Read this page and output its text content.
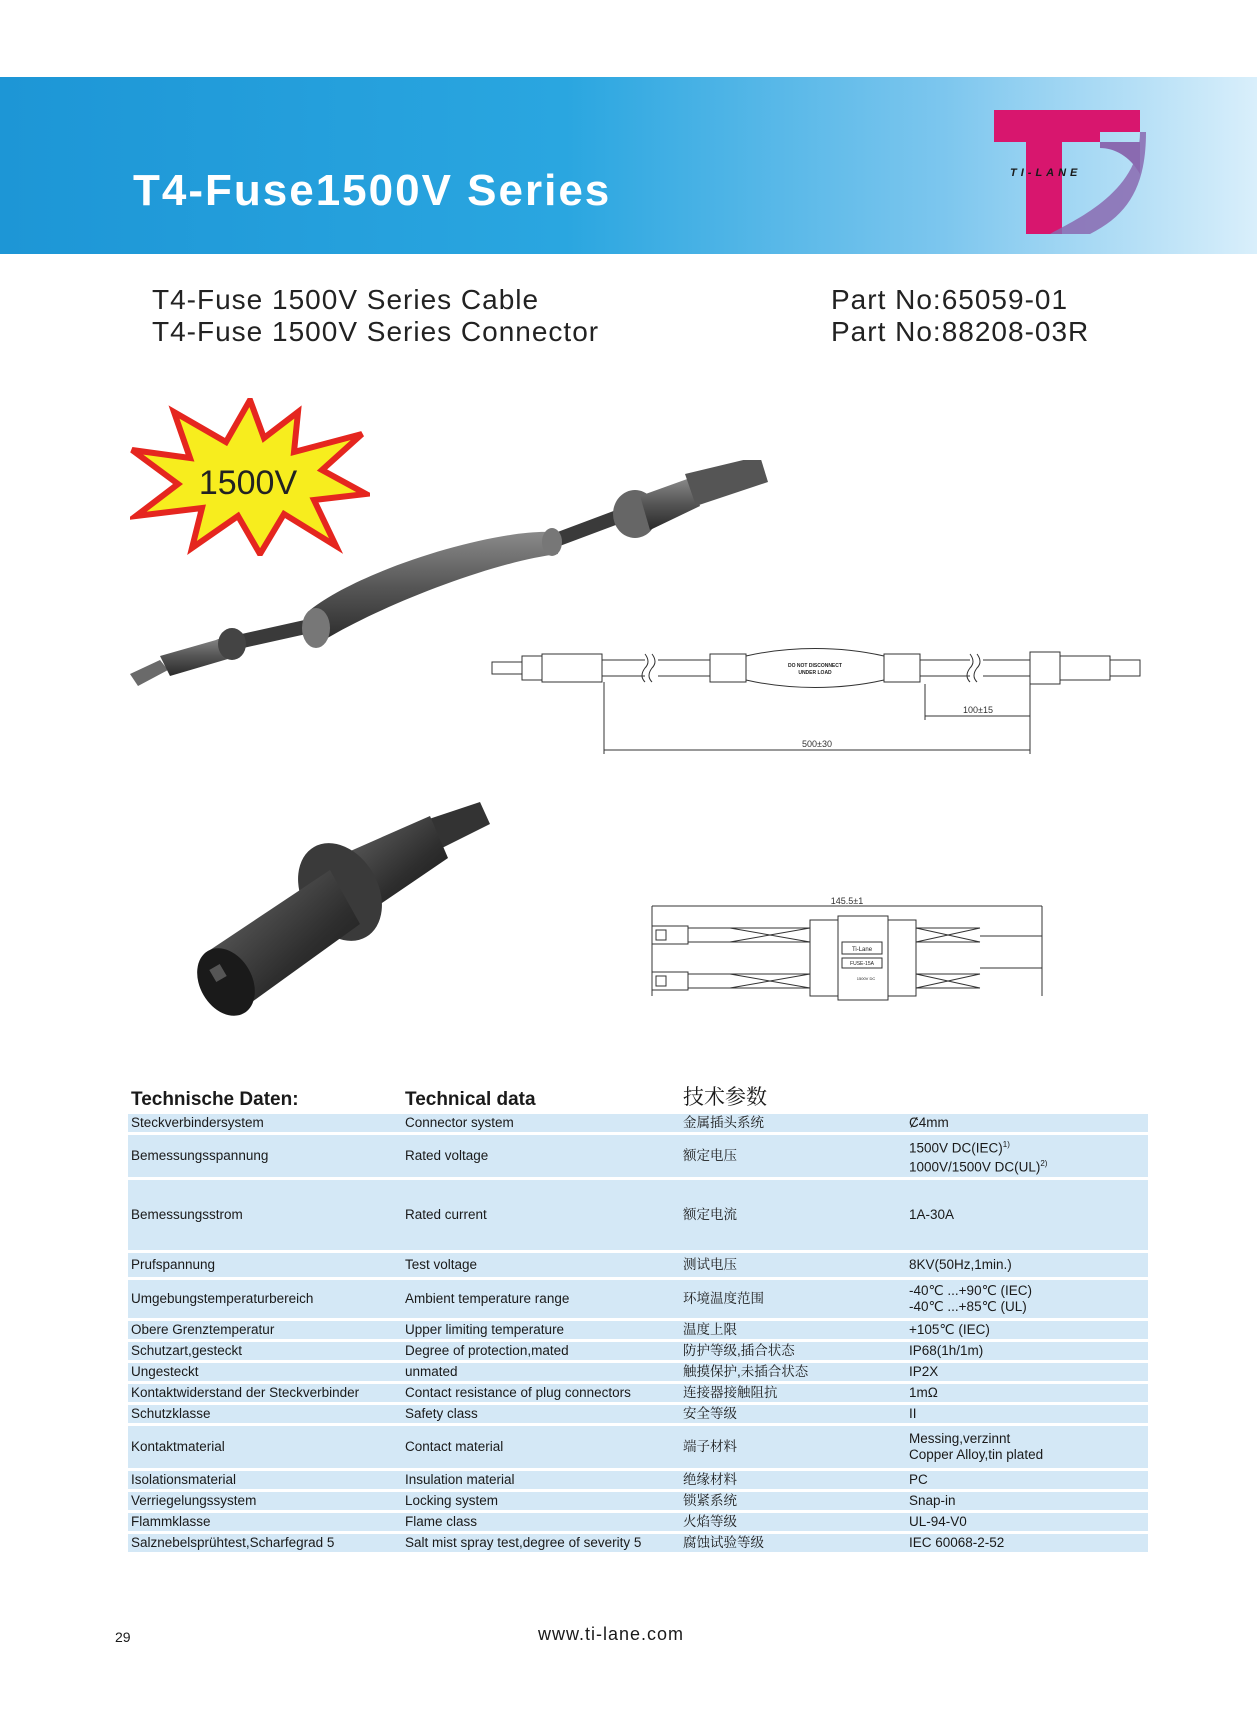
T4-Fuse1500V Series	TI-LANE
T4-Fuse 1500V Series Cable
T4-Fuse 1500V Series Connector
Part No:65059-01
Part No:88208-03R
1500V
DO NOT DISCONNECT
UNDER LOAD
100±15
500±30
145.5±1
Ti-Lane
FUSE-15A
1500V DC
Technische Daten:	Technical data	技术参数	
Steckverbindersystem	Connector system	金属插头系统	Ȼ4mm
Bemessungsspannung	Rated voltage	额定电压	1500V DC(IEC)$^{1)}$
1000V/1500V DC(UL)$^{2)}$
Bemessungsstrom	Rated current	额定电流	1A-30A
Prufspannung	Test voltage	测试电压	8KV(50Hz,1min.)
Umgebungstemperaturbereich	Ambient temperature range	环境温度范围	-40℃ ...+90℃ (IEC)
-40℃ ...+85℃ (UL)
Obere Grenztemperatur	Upper limiting temperature	温度上限	+105℃ (IEC)
Schutzart,gesteckt	Degree of protection,mated	防护等级,插合状态	IP68(1h/1m)
Ungesteckt	unmated	触摸保护,未插合状态	IP2X
Kontaktwiderstand der Steckverbinder	Contact resistance of plug connectors	连接器接触阻抗	1mΩ
Schutzklasse	Safety class	安全等级	II
Kontaktmaterial	Contact material	端子材料	Messing,verzinnt
Copper Alloy,tin plated
Isolationsmaterial	Insulation material	绝缘材料	PC
Verriegelungssystem	Locking system	锁紧系统	Snap-in
Flammklasse	Flame class	火焰等级	UL-94-V0
Salznebelsprühtest,Scharfegrad 5	Salt mist spray test,degree of severity 5	腐蚀试验等级	IEC 60068-2-52
29	www.ti-lane.com
